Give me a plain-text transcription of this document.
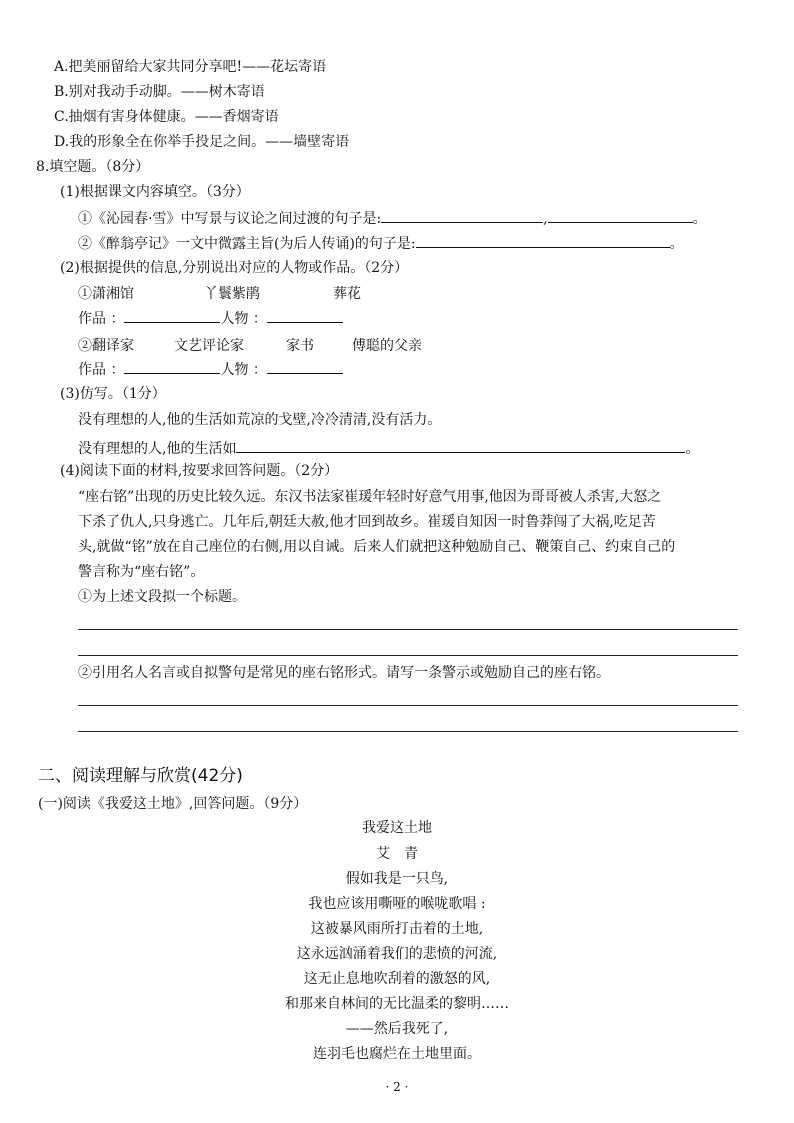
A.把美丽留给大家共同分享吧!——花坛寄语
B.别对我动手动脚。——树木寄语
C.抽烟有害身体健康。——香烟寄语
D.我的形象全在你举手投足之间。——墙壁寄语
8.填空题。（8分）
(1)根据课文内容填空。（3分）
①《沁园春·雪》中写景与议论之间过渡的句子是:	,	。
②《醉翁亭记》一文中微露主旨(为后人传诵)的句子是:	。
(2)根据提供的信息,分别说出对应的人物或作品。（2分）
①潇湘馆	丫鬟紫鹃	葬花
作品 ：	人物 ：
②翻译家	文艺评论家	家书	傅聪的父亲
作品 ：	人物 ：
(3)仿写。（1分）
没有理想的人,他的生活如荒凉的戈壁,冷冷清清,没有活力。
没有理想的人,他的生活如	。
(4)阅读下面的材料,按要求回答问题。（2分）
“座右铭”出现的历史比较久远。东汉书法家崔瑗年轻时好意气用事,他因为哥哥被人杀害,大怒之
下杀了仇人,只身逃亡。几年后,朝廷大赦,他才回到故乡。崔瑗自知因一时鲁莽闯了大祸,吃足苦
头,就做“铭”放在自己座位的右侧,用以自诫。后来人们就把这种勉励自己、鞭策自己、约束自己的
警言称为“座右铭”。
①为上述文段拟一个标题。
②引用名人名言或自拟警句是常见的座右铭形式。请写一条警示或勉励自己的座右铭。
二、阅读理解与欣赏(42分)
(一)阅读《我爱这土地》,回答问题。（9分）
我爱这土地
艾　青
假如我是一只鸟,
我也应该用嘶哑的喉咙歌唱 :
这被暴风雨所打击着的土地,
这永远汹涌着我们的悲愤的河流,
这无止息地吹刮着的激怒的风,
和那来自林间的无比温柔的黎明……
——然后我死了,
连羽毛也腐烂在土地里面。
· 2 ·
